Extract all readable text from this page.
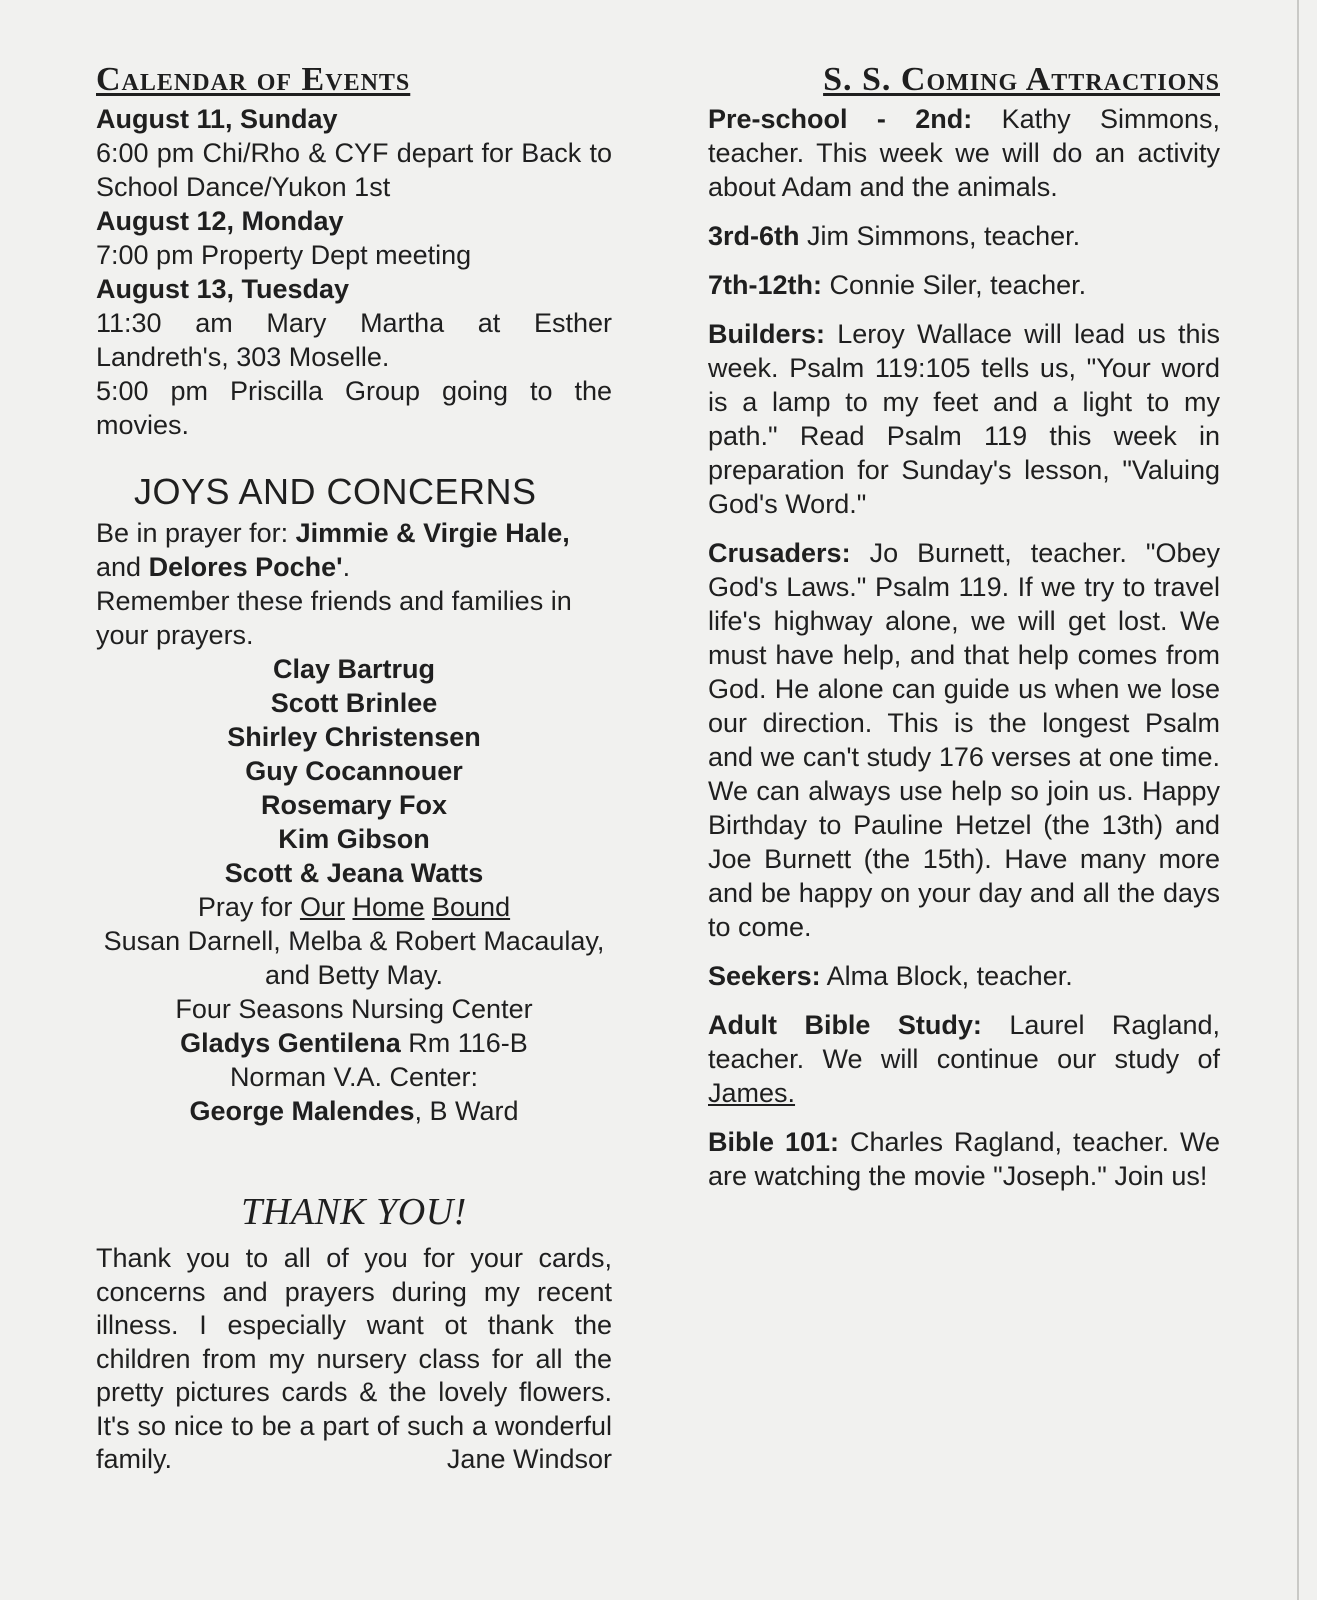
Calendar of Events
August 11, Sunday
6:00 pm Chi/Rho & CYF depart for Back to School Dance/Yukon 1st
August 12, Monday
7:00 pm Property Dept meeting
August 13, Tuesday
11:30 am Mary Martha at Esther Landreth's, 303 Moselle.
5:00 pm Priscilla Group going to the movies.
JOYS AND CONCERNS

Be in prayer for: Jimmie & Virgie Hale, and Delores Poche'.

Remember these friends and families in your prayers.

Clay Bartrug
Scott Brinlee
Shirley Christensen
Guy Cocannouer
Rosemary Fox
Kim Gibson
Scott & Jeana Watts
Pray for Our Home Bound
Susan Darnell, Melba & Robert Macaulay, and Betty May.
Four Seasons Nursing Center
Gladys Gentilena Rm 116-B
Norman V.A. Center:
George Malendes, B Ward
THANK YOU!
Thank you to all of you for your cards, concerns and prayers during my recent illness. I especially want ot thank the children from my nursery class for all the pretty pictures cards & the lovely flowers. It's so nice to be a part of such a wonderful family.	Jane Windsor
S. S. Coming Attractions

Pre-school - 2nd: Kathy Simmons, teacher. This week we will do an activity about Adam and the animals.

3rd-6th Jim Simmons, teacher.

7th-12th: Connie Siler, teacher.

Builders: Leroy Wallace will lead us this week. Psalm 119:105 tells us, "Your word is a lamp to my feet and a light to my path." Read Psalm 119 this week in preparation for Sunday's lesson, "Valuing God's Word."

Crusaders: Jo Burnett, teacher. "Obey God's Laws." Psalm 119. If we try to travel life's highway alone, we will get lost. We must have help, and that help comes from God. He alone can guide us when we lose our direction. This is the longest Psalm and we can't study 176 verses at one time. We can always use help so join us. Happy Birthday to Pauline Hetzel (the 13th) and Joe Burnett (the 15th). Have many more and be happy on your day and all the days to come.

Seekers: Alma Block, teacher.

Adult Bible Study: Laurel Ragland, teacher. We will continue our study of James.

Bible 101: Charles Ragland, teacher. We are watching the movie "Joseph." Join us!
